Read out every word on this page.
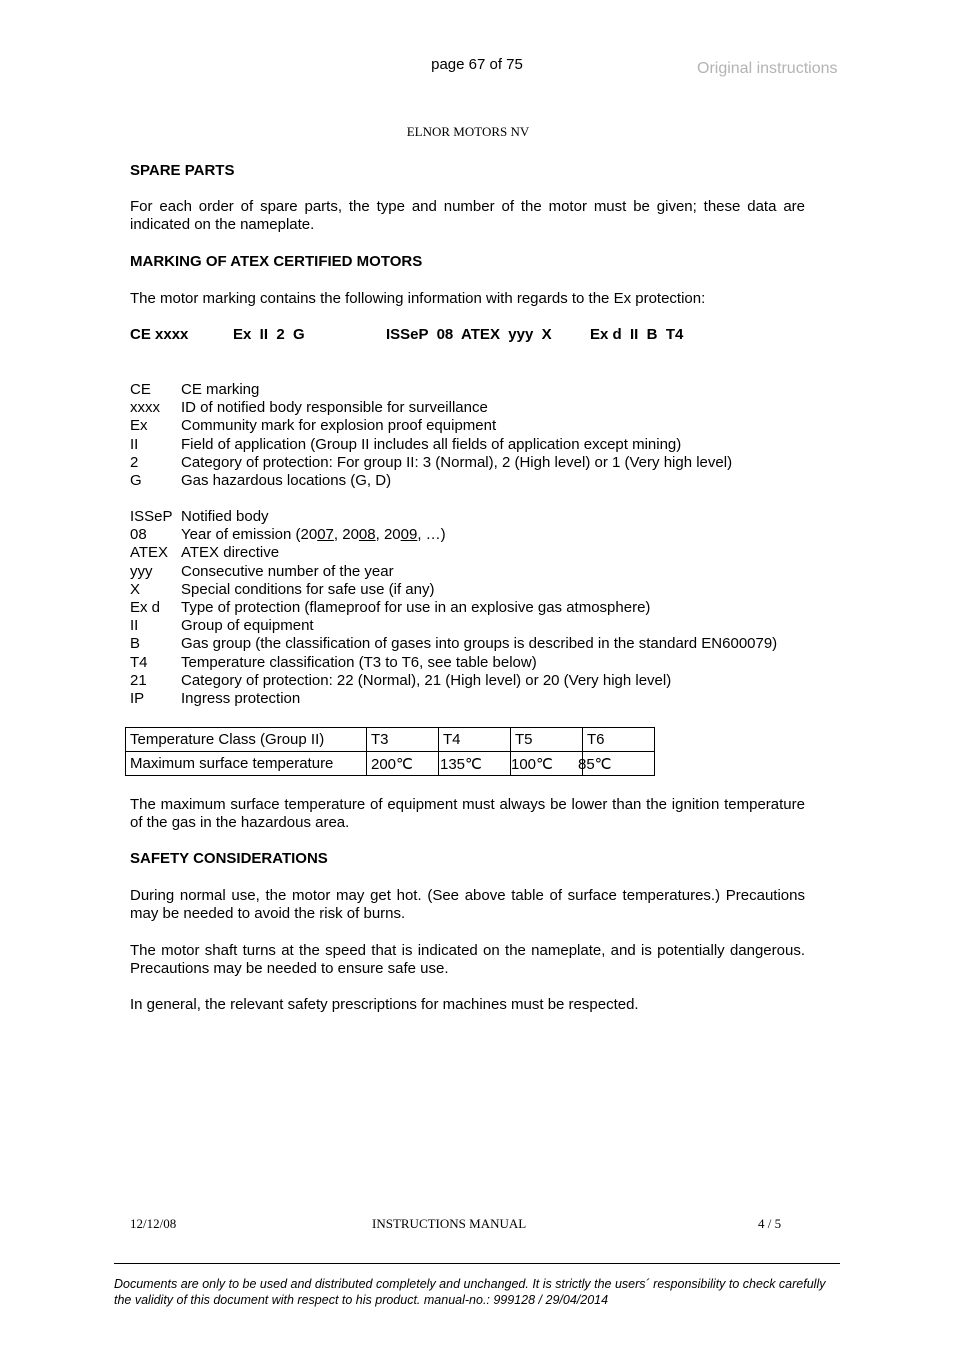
page 67 of 75	Original instructions
ELNOR MOTORS NV
SPARE PARTS
For each order of spare parts, the type and number of the motor must be given; these data are indicated on the nameplate.
MARKING OF ATEX CERTIFIED MOTORS
The motor marking contains the following information with regards to the Ex protection:
CE xxxx	Ex  II  2  G	ISSeP  08  ATEX  yyy  X	Ex d  II  B  T4
CE CE marking
xxxx ID of notified body responsible for surveillance
Ex Community mark for explosion proof equipment
II	Field of application (Group II includes all fields of application except mining)
2	Category of protection: For group II: 3 (Normal), 2 (High level) or 1 (Very high level)
G	Gas hazardous locations (G, D)
ISSeP Notified body
08 Year of emission (2007, 2008, 2009, …)
ATEX ATEX directive
yyy Consecutive number of the year
X	Special conditions for safe use (if any)
Ex d Type of protection (flameproof for use in an explosive gas atmosphere)
II	Group of equipment
B	Gas group (the classification of gases into groups is described in the standard EN600079)
T4 Temperature classification (T3 to T6, see table below)
21 Category of protection: 22 (Normal), 21 (High level) or 20 (Very high level)
IP Ingress protection
Temperature Class (Group II)	T3	T4	T5	T6
Maximum surface temperature	200℃	135℃	100℃	85℃
The maximum surface temperature of equipment must always be lower than the ignition temperature of the gas in the hazardous area.
SAFETY CONSIDERATIONS
During normal use, the motor may get hot. (See above table of surface temperatures.) Precautions may be needed to avoid the risk of burns.
The motor shaft turns at the speed that is indicated on the nameplate, and is potentially dangerous. Precautions may be needed to ensure safe use.
In general, the relevant safety prescriptions for machines must be respected.
12/12/08	INSTRUCTIONS MANUAL	4 / 5
Documents are only to be used and distributed completely and unchanged. It is strictly the users´ responsibility to check carefully the validity of this document with respect to his product. manual-no.: 999128 / 29/04/2014
